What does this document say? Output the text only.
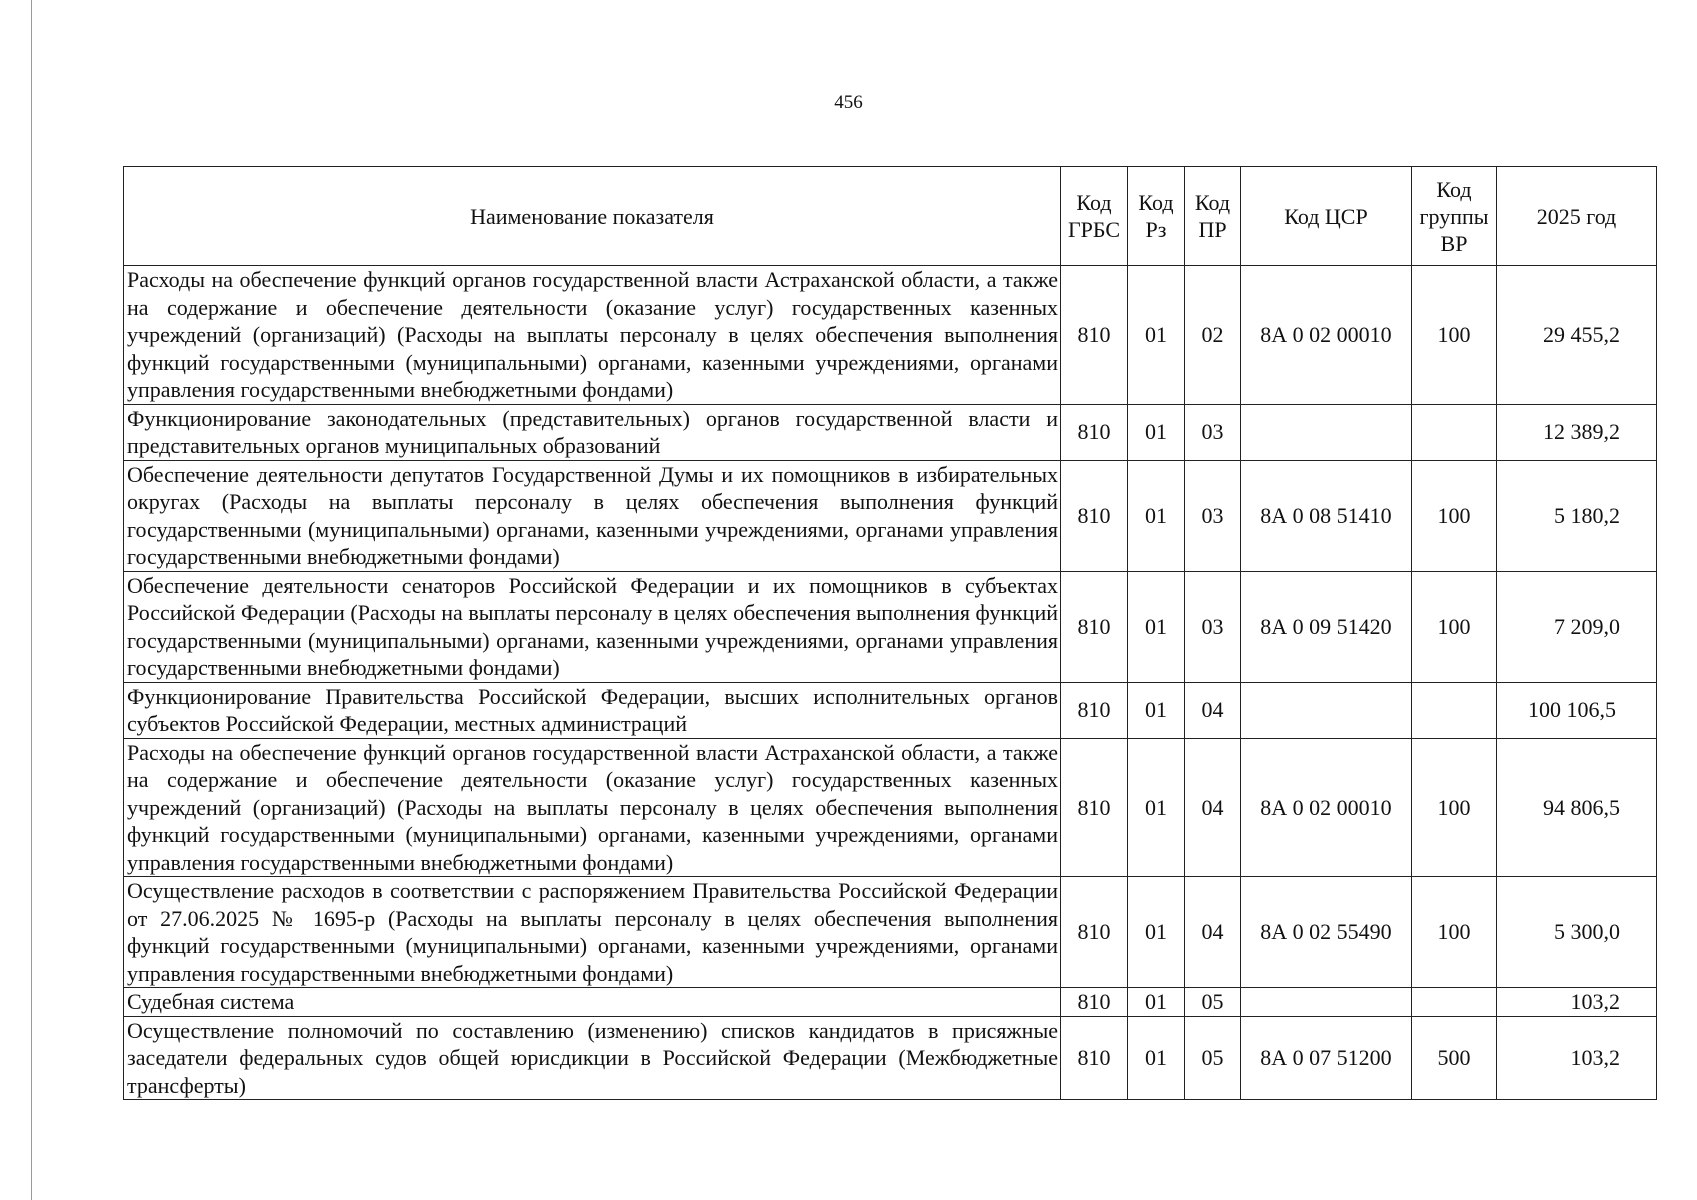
456
Наименование показателя	Код ГРБС	Код Рз	Код ПР	Код ЦСР	Код группы ВР	2025 год
Расходы на обеспечение функций органов государственной власти Астраханской области, а также на содержание и обеспечение деятельности (оказание услуг) государственных казенных учреждений (организаций) (Расходы на выплаты персоналу в целях обеспечения выполнения функций государственными (муниципальными) органами, казенными учреждениями, органами управления государственными внебюджетными фондами)	810	01	02	8А 0 02 00010	100	29 455,2
Функционирование законодательных (представительных) органов государственной власти и представительных органов муниципальных образований	810	01	03			12 389,2
Обеспечение деятельности депутатов Государственной Думы и их помощников в избирательных округах (Расходы на выплаты персоналу в целях обеспечения выполнения функций государственными (муниципальными) органами, казенными учреждениями, органами управления государственными внебюджетными фондами)	810	01	03	8А 0 08 51410	100	5 180,2
Обеспечение деятельности сенаторов Российской Федерации и их помощников в субъектах Российской Федерации (Расходы на выплаты персоналу в целях обеспечения выполнения функций государственными (муниципальными) органами, казенными учреждениями, органами управления государственными внебюджетными фондами)	810	01	03	8А 0 09 51420	100	7 209,0
Функционирование Правительства Российской Федерации, высших исполнительных органов субъектов Российской Федерации, местных администраций	810	01	04			100 106,5
Расходы на обеспечение функций органов государственной власти Астраханской области, а также на содержание и обеспечение деятельности (оказание услуг) государственных казенных учреждений (организаций) (Расходы на выплаты персоналу в целях обеспечения выполнения функций государственными (муниципальными) органами, казенными учреждениями, органами управления государственными внебюджетными фондами)	810	01	04	8А 0 02 00010	100	94 806,5
Осуществление расходов в соответствии с распоряжением Правительства Российской Федерации от 27.06.2025 № 1695-р (Расходы на выплаты персоналу в целях обеспечения выполнения функций государственными (муниципальными) органами, казенными учреждениями, органами управления государственными внебюджетными фондами)	810	01	04	8А 0 02 55490	100	5 300,0
Судебная система	810	01	05			103,2
Осуществление полномочий по составлению (изменению) списков кандидатов в присяжные заседатели федеральных судов общей юрисдикции в Российской Федерации (Межбюджетные трансферты)	810	01	05	8А 0 07 51200	500	103,2
